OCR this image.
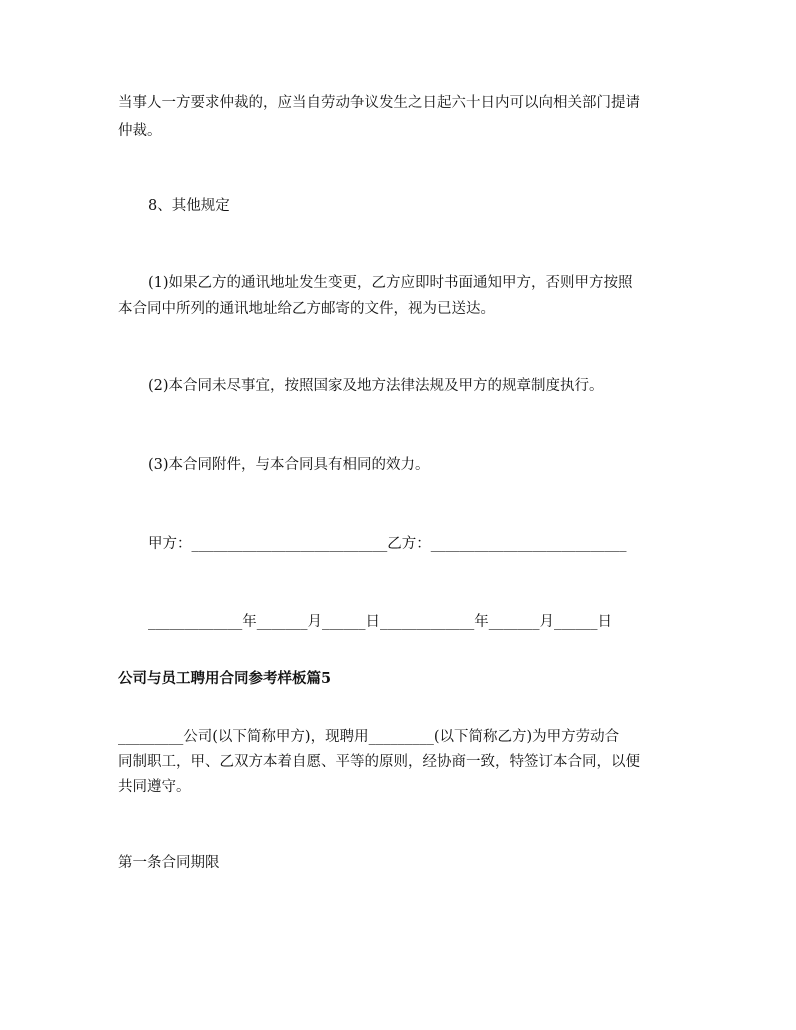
当事人一方要求仲裁的，应当自劳动争议发生之日起六十日内可以向相关部门提请
仲裁。
8、其他规定
(1)如果乙方的通讯地址发生变更，乙方应即时书面通知甲方，否则甲方按照
本合同中所列的通讯地址给乙方邮寄的文件，视为已送达。
(2)本合同未尽事宜，按照国家及地方法律法规及甲方的规章制度执行。
(3)本合同附件，与本合同具有相同的效力。
甲方：___________________________乙方：___________________________
_____________年_______月______日_____________年_______月______日
公司与员工聘用合同参考样板篇5
_________公司(以下简称甲方)，现聘用_________(以下简称乙方)为甲方劳动合
同制职工，甲、乙双方本着自愿、平等的原则，经协商一致，特签订本合同，以便
共同遵守。
第一条合同期限
